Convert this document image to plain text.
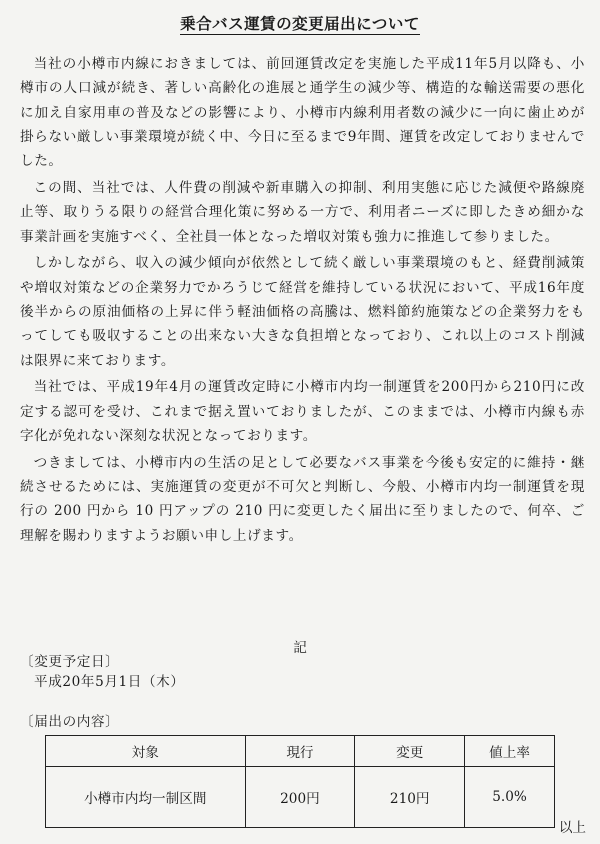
乗合バス運賃の変更届出について

当社の小樽市内線におきましては、前回運賃改定を実施した平成11年5月以降も、小樽市の人口減が続き、著しい高齢化の進展と通学生の減少等、構造的な輸送需要の悪化に加え自家用車の普及などの影響により、小樽市内線利用者数の減少に一向に歯止めが掛らない厳しい事業環境が続く中、今日に至るまで9年間、運賃を改定しておりませんでした。

この間、当社では、人件費の削減や新車購入の抑制、利用実態に応じた減便や路線廃止等、取りうる限りの経営合理化策に努める一方で、利用者ニーズに即したきめ細かな事業計画を実施すべく、全社員一体となった増収対策も強力に推進して参りました。

しかしながら、収入の減少傾向が依然として続く厳しい事業環境のもと、経費削減策や増収対策などの企業努力でかろうじて経営を維持している状況において、平成16年度後半からの原油価格の上昇に伴う軽油価格の高騰は、燃料節約施策などの企業努力をもってしても吸収することの出来ない大きな負担増となっており、これ以上のコスト削減は限界に来ております。

当社では、平成19年4月の運賃改定時に小樽市内均一制運賃を200円から210円に改定する認可を受け、これまで据え置いておりましたが、このままでは、小樽市内線も赤字化が免れない深刻な状況となっております。

つきましては、小樽市内の生活の足として必要なバス事業を今後も安定的に維持・継続させるためには、実施運賃の変更が不可欠と判断し、今般、小樽市内均一制運賃を現行の 200 円から 10 円アップの 210 円に変更したく届出に至りましたので、何卒、ご理解を賜わりますようお願い申し上げます。

記
〔変更予定日〕
平成20年5月1日（木）
〔届出の内容〕
対象	現行	変更	値上率
小樽市内均一制区間	200円	210円	5.0%
以上
